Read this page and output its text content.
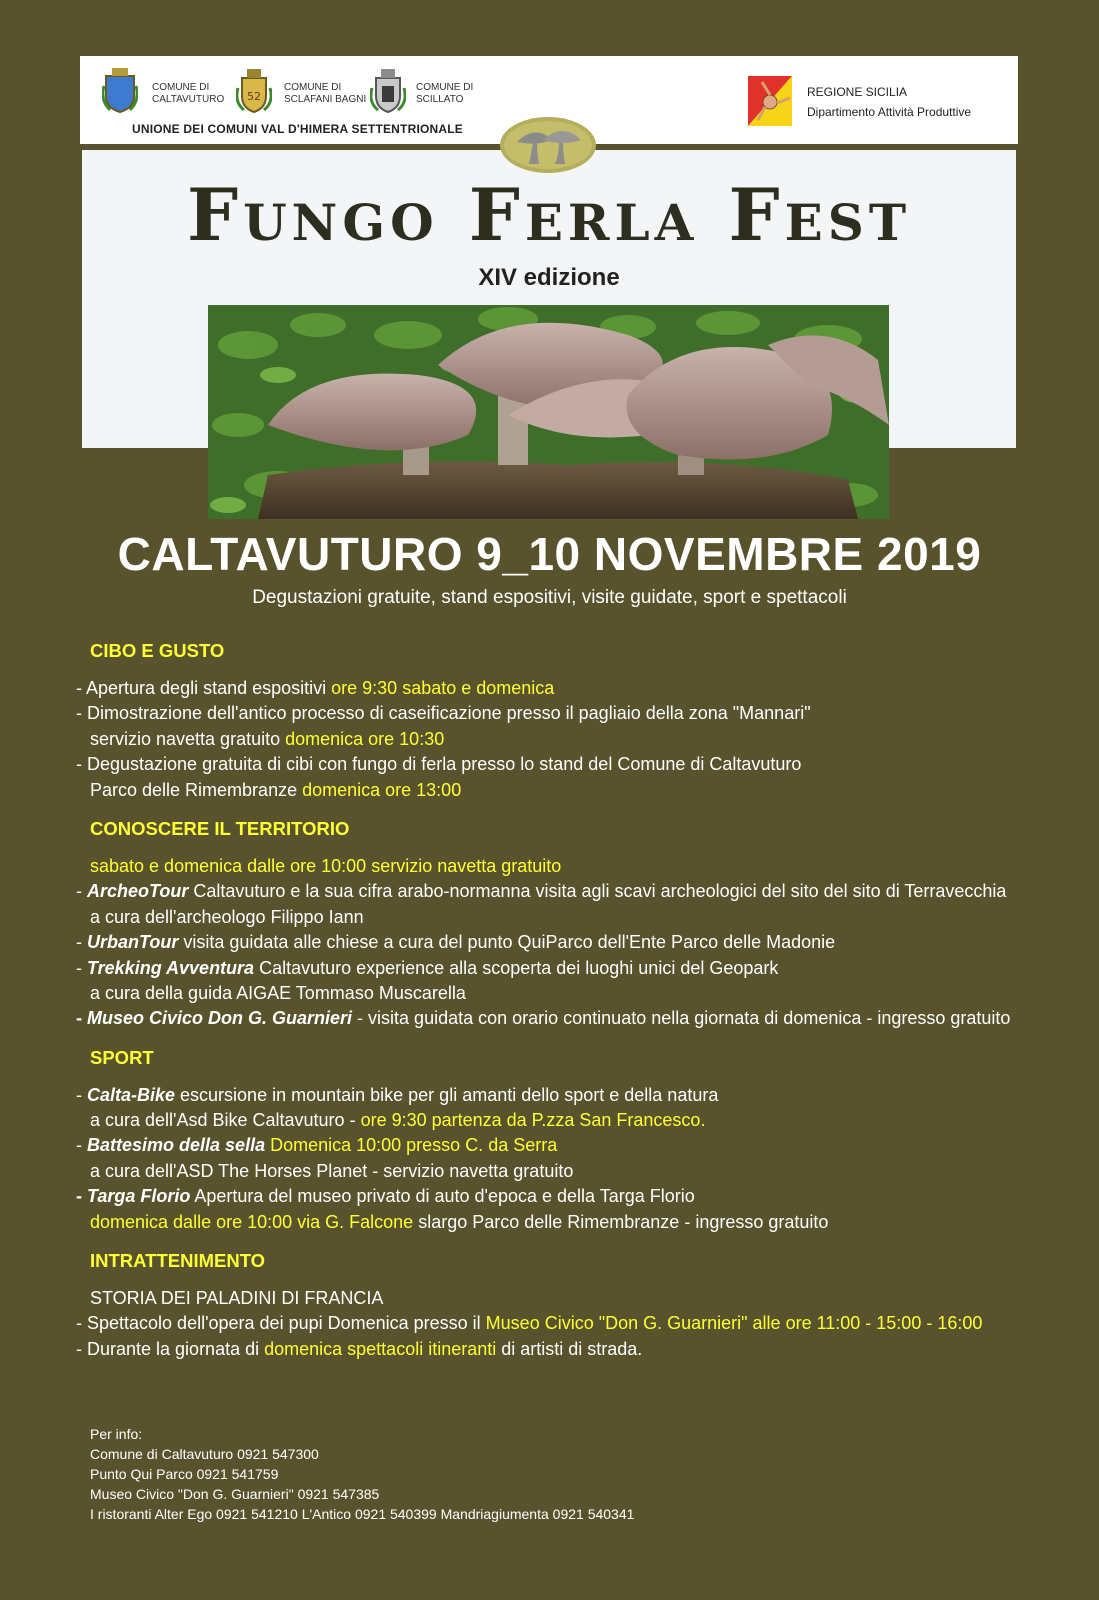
COMUNE DI
CALTAVUTURO 52
COMUNE DI
SCLAFANI BAGNI
COMUNE DI
SCILLATO
UNIONE DEI COMUNI VAL D'HIMERA SETTENTRIONALE
REGIONE SICILIA
Dipartimento Attività Produttive
Fungo Ferla Fest
XIV edizione
CALTAVUTURO 9_10 NOVEMBRE 2019
Degustazioni gratuite, stand espositivi, visite guidate, sport e spettacoli
CIBO E GUSTO
- Apertura degli stand espositivi ore 9:30 sabato e domenica
- Dimostrazione dell'antico processo di caseificazione presso il pagliaio della zona "Mannari"
servizio navetta gratuito domenica ore 10:30
- Degustazione gratuita di cibi con fungo di ferla presso lo stand del Comune di Caltavuturo
Parco delle Rimembranze domenica ore 13:00
CONOSCERE IL TERRITORIO
sabato e domenica dalle ore 10:00 servizio navetta gratuito
- ArcheoTour Caltavuturo e la sua cifra arabo-normanna visita agli scavi archeologici del sito del sito di Terravecchia
a cura dell'archeologo Filippo Iann
- UrbanTour visita guidata alle chiese a cura del punto QuiParco dell'Ente Parco delle Madonie
- Trekking Avventura Caltavuturo experience alla scoperta dei luoghi unici del Geopark
a cura della guida AIGAE Tommaso Muscarella
- Museo Civico Don G. Guarnieri - visita guidata con orario continuato nella giornata di domenica - ingresso gratuito
SPORT
- Calta-Bike escursione in mountain bike per gli amanti dello sport e della natura
a cura dell'Asd Bike Caltavuturo - ore 9:30 partenza da P.zza San Francesco.
- Battesimo della sella Domenica 10:00 presso C. da Serra
a cura dell'ASD The Horses Planet - servizio navetta gratuito
- Targa Florio Apertura del museo privato di auto d'epoca e della Targa Florio
domenica dalle ore 10:00 via G. Falcone slargo Parco delle Rimembranze - ingresso gratuito
INTRATTENIMENTO
STORIA DEI PALADINI DI FRANCIA
- Spettacolo dell'opera dei pupi Domenica presso il Museo Civico "Don G. Guarnieri" alle ore 11:00 - 15:00 - 16:00
- Durante la giornata di domenica spettacoli itineranti di artisti di strada.
Per info:
Comune di Caltavuturo 0921 547300
Punto Qui Parco 0921 541759
Museo Civico "Don G. Guarnieri" 0921 547385
I ristoranti Alter Ego 0921 541210 L'Antico 0921 540399 Mandriagiumenta 0921 540341
